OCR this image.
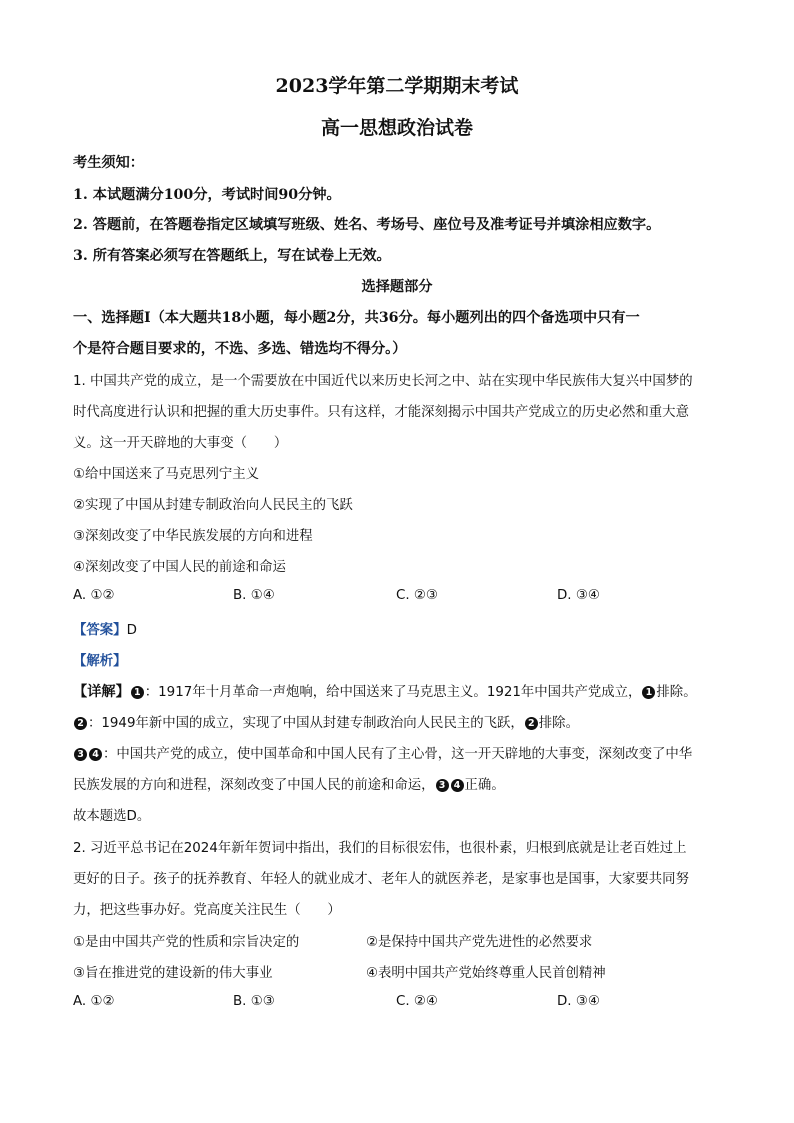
2023学年第二学期期末考试
高一思想政治试卷
考生须知：
1. 本试题满分100分，考试时间90分钟。
2. 答题前，在答题卷指定区域填写班级、姓名、考场号、座位号及准考证号并填涂相应数字。
3. 所有答案必须写在答题纸上，写在试卷上无效。
选择题部分
一、选择题Ⅰ（本大题共18小题，每小题2分，共36分。每小题列出的四个备选项中只有一
个是符合题目要求的，不选、多选、错选均不得分。）
1. 中国共产党的成立，是一个需要放在中国近代以来历史长河之中、站在实现中华民族伟大复兴中国梦的
时代高度进行认识和把握的重大历史事件。只有这样，才能深刻揭示中国共产党成立的历史必然和重大意
义。这一开天辟地的大事变（　　）
①给中国送来了马克思列宁主义
②实现了中国从封建专制政治向人民民主的飞跃
③深刻改变了中华民族发展的方向和进程
④深刻改变了中国人民的前途和命运
A. ①②	B. ①④	C. ②③	D. ③④
【答案】D
【解析】
【详解】 1 ：1917年十月革命一声炮响，给中国送来了马克思主义。1921年中国共产党成立， 1 排除。
2 ：1949年新中国的成立，实现了中国从封建专制政治向人民民主的飞跃， 2 排除。
3 4 ：中国共产党的成立，使中国革命和中国人民有了主心骨，这一开天辟地的大事变，深刻改变了中华
民族发展的方向和进程，深刻改变了中国人民的前途和命运， 3 4 正确。
故本题选D。
2. 习近平总书记在2024年新年贺词中指出，我们的目标很宏伟，也很朴素，归根到底就是让老百姓过上
更好的日子。孩子的抚养教育、年轻人的就业成才、老年人的就医养老，是家事也是国事，大家要共同努
力，把这些事办好。党高度关注民生（　　）
①是由中国共产党的性质和宗旨决定的	②是保持中国共产党先进性的必然要求
③旨在推进党的建设新的伟大事业	④表明中国共产党始终尊重人民首创精神
A. ①②	B. ①③	C. ②④	D. ③④
